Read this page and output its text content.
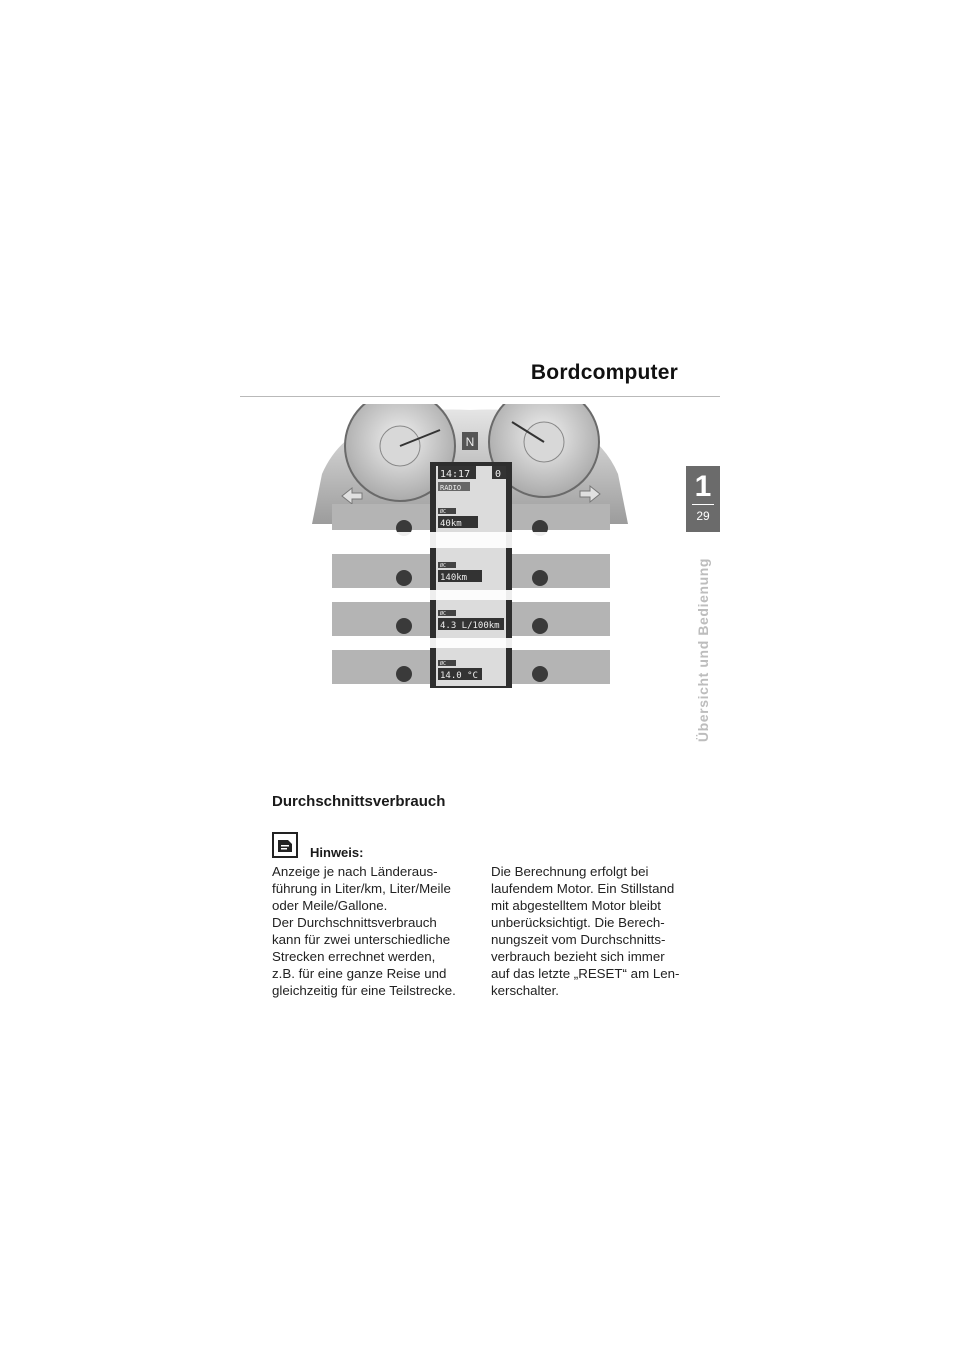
Bordcomputer
1
29
Übersicht und Bedienung
N
14:17
RADIO
0
ØC
40km
ØC
140km
ØC
4.3 L/100km
ØC
14.0 °C
Durchschnittsverbrauch
Hinweis:

Anzeige je nach Länderaus-
führung in Liter/km, Liter/Meile
oder Meile/Gallone.
Der Durchschnittsverbrauch
kann für zwei unterschiedliche
Strecken errechnet werden,
z.B. für eine ganze Reise und
gleichzeitig für eine Teilstrecke.

Die Berechnung erfolgt bei
laufendem Motor. Ein Stillstand
mit abgestelltem Motor bleibt
unberücksichtigt. Die Berech-
nungszeit vom Durchschnitts-
verbrauch bezieht sich immer
auf das letzte „RESET“ am Len-
kerschalter.
